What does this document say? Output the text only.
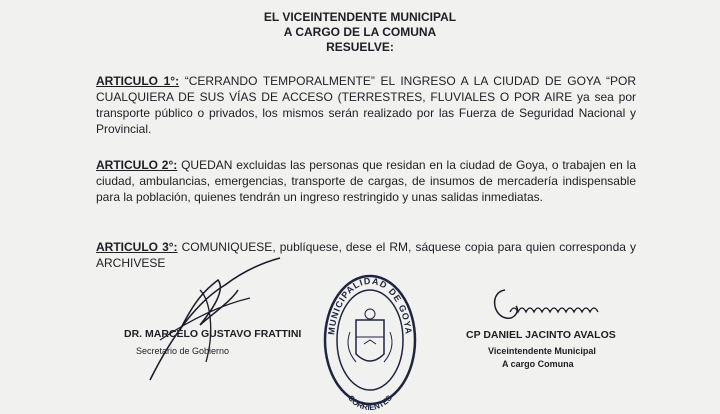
EL VICEINTENDENTE MUNICIPAL
A CARGO DE LA COMUNA
RESUELVE:
ARTICULO 1°: “CERRANDO TEMPORALMENTE” EL INGRESO A LA CIUDAD DE GOYA “POR CUALQUIERA DE SUS VÍAS DE ACCESO (TERRESTRES, FLUVIALES O POR AIRE ya sea por transporte público o privados, los mismos serán realizado por las Fuerza de Seguridad Nacional y Provincial.
ARTICULO 2°: QUEDAN excluidas las personas que residan en la ciudad de Goya, o trabajen en la ciudad, ambulancias, emergencias, transporte de cargas, de insumos de mercadería indispensable para la población, quienes tendrán un ingreso restringido y unas salidas inmediatas.
ARTICULO 3°: COMUNIQUESE, publíquese, dese el RM, sáquese copia para quien corresponda y ARCHIVESE
DR. MARCELO GUSTAVO FRATTINI
Secretario de Gobierno
MUNICIPALIDAD DE GOYA
CORRIENTES
CP DANIEL JACINTO AVALOS
Viceintendente Municipal
A cargo Comuna
